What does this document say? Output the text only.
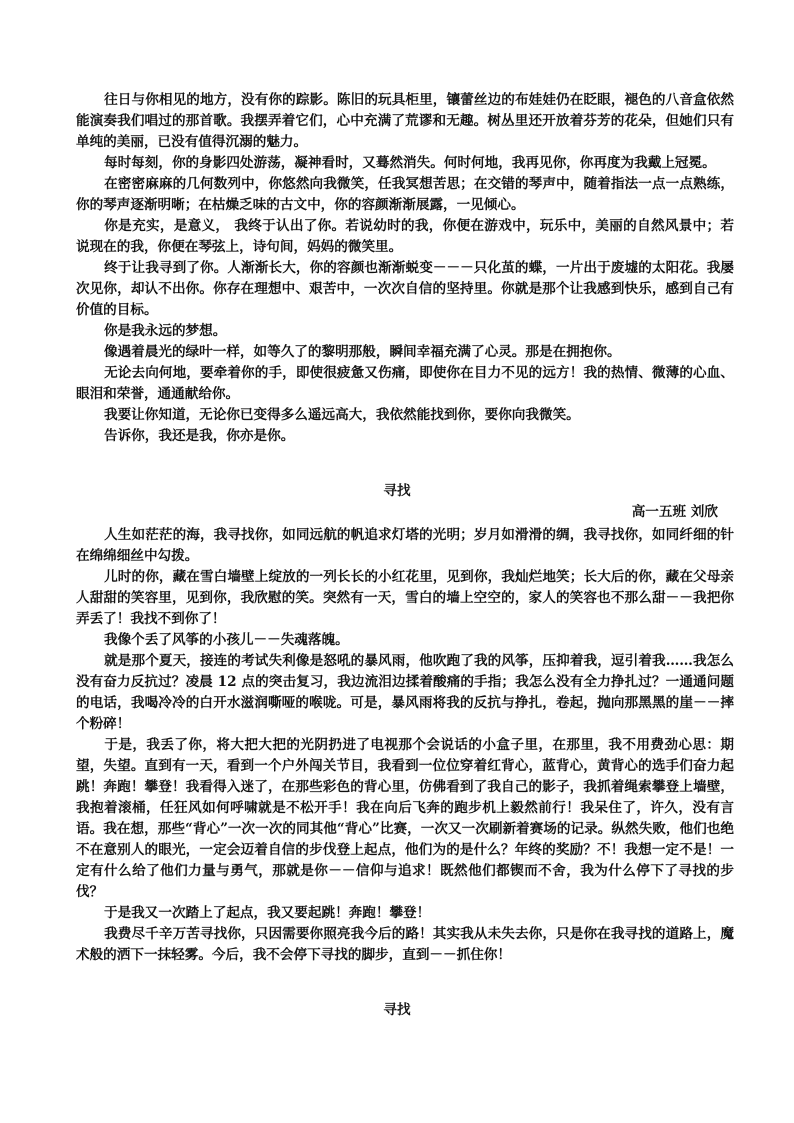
往日与你相见的地方，没有你的踪影。陈旧的玩具柜里，镶蕾丝边的布娃娃仍在眨眼，褪色的八音盒依然能演奏我们唱过的那首歌。我摆弄着它们，心中充满了荒谬和无趣。树丛里还开放着芬芳的花朵，但她们只有单纯的美丽，已没有值得沉溺的魅力。

每时每刻，你的身影四处游荡，凝神看时，又蓦然消失。何时何地，我再见你，你再度为我戴上冠冕。

在密密麻麻的几何数列中，你悠然向我微笑，任我冥想苦思；在交错的琴声中，随着指法一点一点熟练，你的琴声逐渐明晰；在枯燥乏味的古文中，你的容颜渐渐展露，一见倾心。

你是充实，是意义， 我终于认出了你。若说幼时的我，你便在游戏中，玩乐中，美丽的自然风景中；若说现在的我，你便在琴弦上，诗句间，妈妈的微笑里。

终于让我寻到了你。人渐渐长大，你的容颜也渐渐蜕变－－－只化茧的蝶，一片出于废墟的太阳花。我屡次见你，却认不出你。你存在理想中、艰苦中，一次次自信的坚持里。你就是那个让我感到快乐，感到自己有价值的目标。

你是我永远的梦想。

像遇着晨光的绿叶一样，如等久了的黎明那般，瞬间幸福充满了心灵。那是在拥抱你。

无论去向何地，要牵着你的手，即使很疲惫又伤痛，即使你在目力不见的远方！我的热情、微薄的心血、眼泪和荣誉，通通献给你。

我要让你知道，无论你已变得多么遥远高大，我依然能找到你，要你向我微笑。

告诉你，我还是我，你亦是你。

寻找

高一五班 刘欣

人生如茫茫的海，我寻找你，如同远航的帆追求灯塔的光明；岁月如滑滑的绸，我寻找你，如同纤细的针在绵绵细丝中勾拨。

儿时的你，藏在雪白墙壁上绽放的一列长长的小红花里，见到你，我灿烂地笑；长大后的你，藏在父母亲人甜甜的笑容里，见到你，我欣慰的笑。突然有一天，雪白的墙上空空的，家人的笑容也不那么甜－－我把你弄丢了！我找不到你了！

我像个丢了风筝的小孩儿－－失魂落魄。

就是那个夏天，接连的考试失利像是怒吼的暴风雨，他吹跑了我的风筝，压抑着我，逗引着我……我怎么没有奋力反抗过？凌晨 12 点的突击复习，我边流泪边揉着酸痛的手指；我怎么没有全力挣扎过？一通通问题的电话，我喝冷冷的白开水滋润嘶哑的喉咙。可是，暴风雨将我的反抗与挣扎，卷起，抛向那黑黑的崖－－摔个粉碎！

于是，我丢了你，将大把大把的光阴扔进了电视那个会说话的小盒子里，在那里，我不用费劲心思：期望，失望。直到有一天，看到一个户外闯关节目，我看到一位位穿着红背心，蓝背心，黄背心的选手们奋力起跳！奔跑！攀登！我看得入迷了，在那些彩色的背心里，仿佛看到了我自己的影子，我抓着绳索攀登上墙壁，我抱着滚桶，任狂风如何呼啸就是不松开手！我在向后飞奔的跑步机上毅然前行！我呆住了，许久，没有言语。我在想，那些“背心”一次一次的同其他“背心”比赛，一次又一次刷新着赛场的记录。纵然失败，他们也绝不在意别人的眼光，一定会迈着自信的步伐登上起点，他们为的是什么？年终的奖励？不！我想一定不是！一定有什么给了他们力量与勇气，那就是你－－信仰与追求！既然他们都锲而不舍，我为什么停下了寻找的步伐？

于是我又一次踏上了起点，我又要起跳！奔跑！攀登！

我费尽千辛万苦寻找你，只因需要你照亮我今后的路！其实我从未失去你，只是你在我寻找的道路上，魔术般的洒下一抹轻雾。今后，我不会停下寻找的脚步，直到－－抓住你！

寻找
